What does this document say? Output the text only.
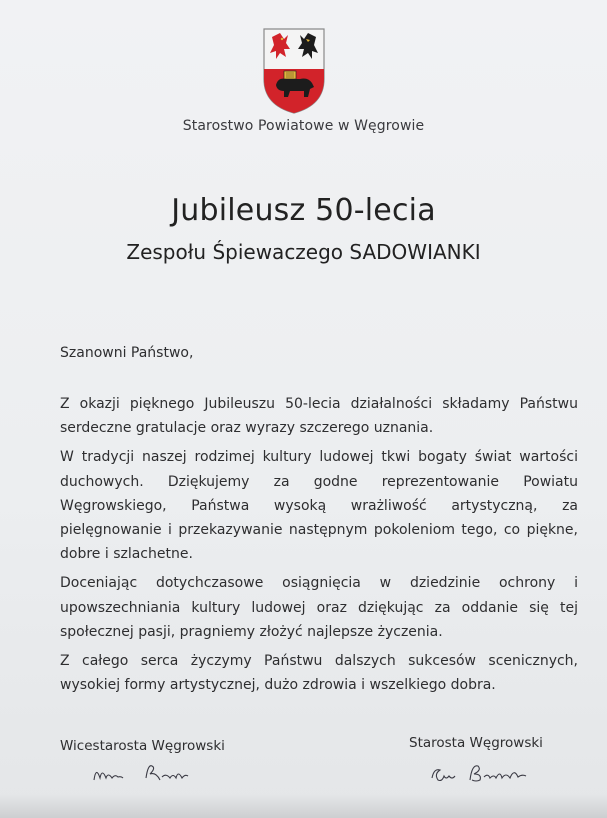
Starostwo Powiatowe w Węgrowie
Jubileusz 50-lecia
Zespołu Śpiewaczego SADOWIANKI
Szanowni Państwo,

Z okazji pięknego Jubileuszu 50-lecia działalności składamy Państwu serdeczne gratulacje oraz wyrazy szczerego uznania.

W tradycji naszej rodzimej kultury ludowej tkwi bogaty świat wartości duchowych. Dziękujemy za godne reprezentowanie Powiatu Węgrowskiego, Państwa wysoką wrażliwość artystyczną, za pielęgnowanie i przekazywanie następnym pokoleniom tego, co piękne, dobre i szlachetne.

Doceniając dotychczasowe osiągnięcia w dziedzinie ochrony i upowszechniania kultury ludowej oraz dziękując za oddanie się tej społecznej pasji, pragniemy złożyć najlepsze życzenia.

Z całego serca życzymy Państwu dalszych sukcesów scenicznych, wysokiej formy artystycznej, dużo zdrowia i wszelkiego dobra.

Wicestarosta Węgrowski	Starosta Węgrowski
